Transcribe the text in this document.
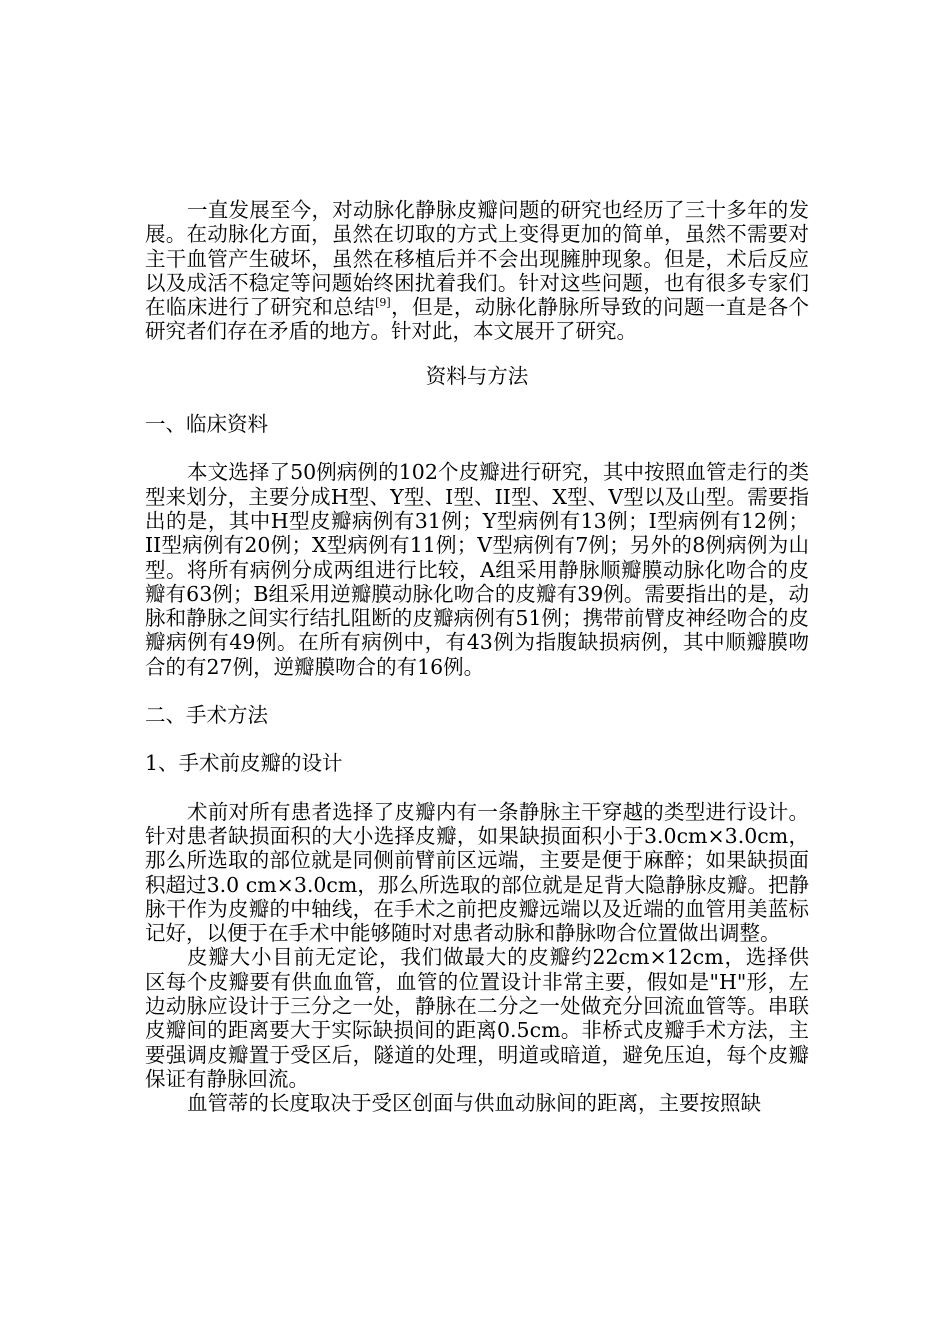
一直发展至今，对动脉化静脉皮瓣问题的研究也经历了三十多年的发展。在动脉化方面，虽然在切取的方式上变得更加的简单，虽然不需要对主干血管产生破坏，虽然在移植后并不会出现臃肿现象。但是，术后反应以及成活不稳定等问题始终困扰着我们。针对这些问题，也有很多专家们在临床进行了研究和总结[9]，但是，动脉化静脉所导致的问题一直是各个研究者们存在矛盾的地方。针对此，本文展开了研究。

资料与方法

一、临床资料

本文选择了50例病例的102个皮瓣进行研究，其中按照血管走行的类型来划分，主要分成H型、Y型、I型、II型、X型、V型以及山型。需要指出的是，其中H型皮瓣病例有31例；Y型病例有13例；I型病例有12例；II型病例有20例；X型病例有11例；V型病例有7例；另外的8例病例为山型。将所有病例分成两组进行比较，A组采用静脉顺瓣膜动脉化吻合的皮瓣有63例；B组采用逆瓣膜动脉化吻合的皮瓣有39例。需要指出的是，动脉和静脉之间实行结扎阻断的皮瓣病例有51例；携带前臂皮神经吻合的皮瓣病例有49例。在所有病例中，有43例为指腹缺损病例，其中顺瓣膜吻合的有27例，逆瓣膜吻合的有16例。

二、手术方法

1、手术前皮瓣的设计

术前对所有患者选择了皮瓣内有一条静脉主干穿越的类型进行设计。针对患者缺损面积的大小选择皮瓣，如果缺损面积小于3.0cm×3.0cm，那么所选取的部位就是同侧前臂前区远端，主要是便于麻醉；如果缺损面积超过3.0 cm×3.0cm，那么所选取的部位就是足背大隐静脉皮瓣。把静脉干作为皮瓣的中轴线，在手术之前把皮瓣远端以及近端的血管用美蓝标记好，以便于在手术中能够随时对患者动脉和静脉吻合位置做出调整。

皮瓣大小目前无定论，我们做最大的皮瓣约22cm×12cm，选择供区每个皮瓣要有供血血管，血管的位置设计非常主要，假如是"H"形，左边动脉应设计于三分之一处，静脉在二分之一处做充分回流血管等。串联皮瓣间的距离要大于实际缺损间的距离0.5cm。非桥式皮瓣手术方法，主要强调皮瓣置于受区后，隧道的处理，明道或暗道，避免压迫，每个皮瓣保证有静脉回流。

血管蒂的长度取决于受区创面与供血动脉间的距离，主要按照缺
